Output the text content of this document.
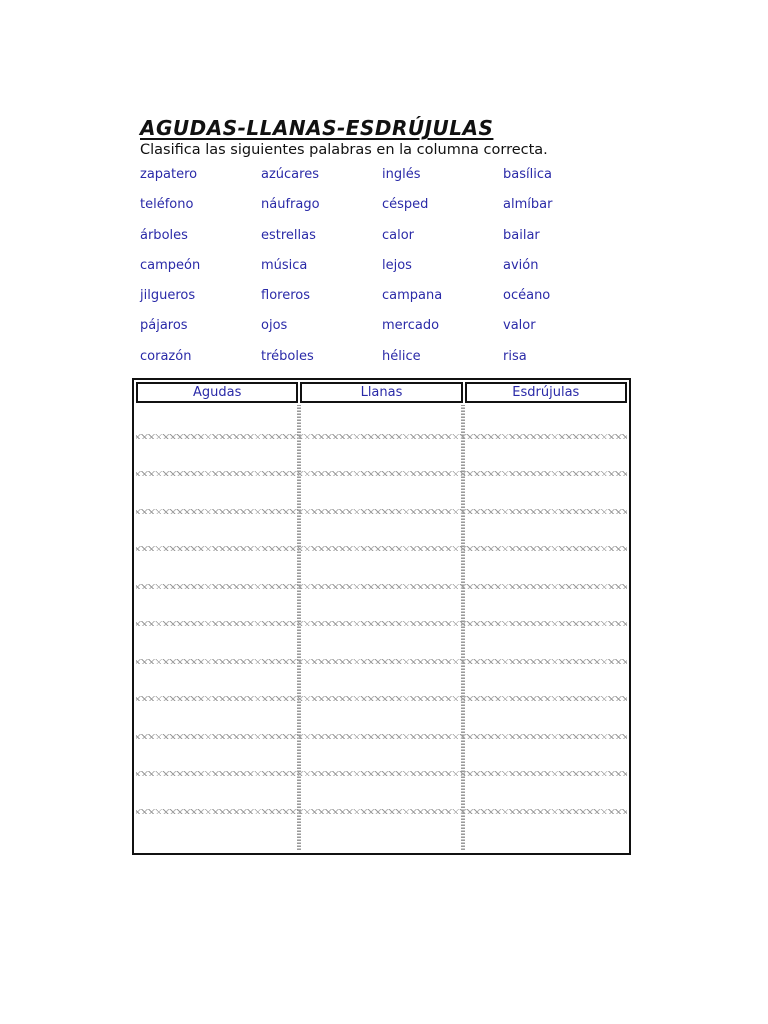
AGUDAS-LLANAS-ESDRÚJULAS
Clasifica las siguientes palabras en la columna correcta.
zapatero	azúcares	inglés	basílica
teléfono	náufrago	césped	almíbar
árboles	estrellas	calor	bailar
campeón	música	lejos	avión
jilgueros	floreros	campana	océano
pájaros	ojos	mercado	valor
corazón	tréboles	hélice	risa
Agudas	Llanas	Esdrújulas
